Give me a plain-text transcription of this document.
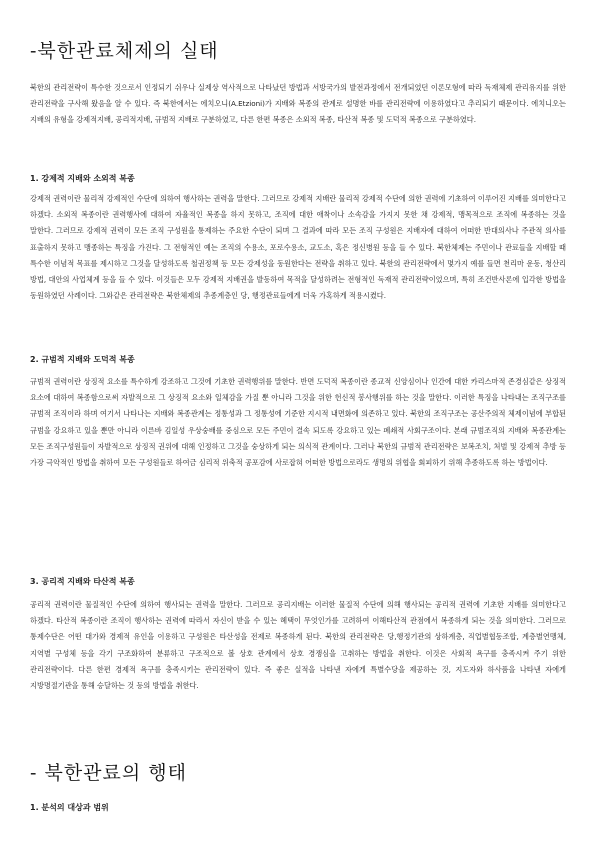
-북한관료체제의 실태

북한의 관리전략이 특수한 것으로서 인정되기 쉬우나 실제상 역사적으로 나타났던 방법과 서방국가의 발전과정에서 전개되었던 이론모형에 따라 독재체제 관리유지를 위한 관리전략을 구사해 왔음을 알 수 있다. 즉 북한에서는 에치오니(A.Etzioni)가 지배와 복종의 관계로 설명한 바를 관리전략에 이용하였다고 추리되기 때문이다. 에치니오는 지배의 유형을 강제적지배, 공리적지배, 규범적 지배로 구분하였고, 다른 한편 복종은 소외적 복종, 타산적 복종 및 도덕적 복종으로 구분하였다.

1. 강제적 지배와 소외적 복종

강제적 권력이란 물리적 강제적인 수단에 의하여 행사하는 권력을 말한다. 그러므로 강제적 지배란 물리적 강제적 수단에 의한 권력에 기초하여 이루어진 지배를 의미한다고 하겠다. 소외적 복종이란 권력행사에 대하여 자율적인 복종을 하지 못하고, 조직에 대한 애착이나 소속감을 가지지 못한 채 강제적, 맹목적으로 조직에 복종하는 것을 말한다. 그러므로 강제적 권력이 모든 조직 구성원을 통제하는 주요한 수단이 되며 그 결과에 따라 모든 조직 구성원은 지배자에 대하여 어떠한 반대의사나 주관적 의사를 표출하지 못하고 맹종하는 특징을 가진다. 그 전형적인 예는 조직의 수용소, 포로수용소, 교도소, 혹은 정신병원 등을 들 수 있다. 북한체제는 주민이나 관료들을 지배할 때 특수한 이념적 목표를 제시하고 그것을 달성하도록 철권정책 등 모든 강제성을 동원한다는 전략을 취하고 있다. 북한의 관리전략에서 몇가지 예를 들면 천리마 운동, 청산리 방법, 대안의 사업체계 등을 들 수 있다. 이것들은 모두 강제적 지배권을 발동하여 목적을 달성하려는 전형적인 독재적 관리전략이었으며, 특히 조건반사론에 입각한 방법을 동원하였던 사례이다. 그와같은 관리전략은 북한체제의 추종계층인 당, 행정관료들에게 더욱 가혹하게 적용시켰다.

2. 규범적 지배와 도덕적 복종

규범적 권력이란 상징적 요소를 특수하게 강조하고 그것에 기초한 권력행위를 말한다. 반면 도덕적 복종이란 종교적 신앙심이나 인간에 대한 카리스마적 존경심같은 상징적 요소에 대하여 복종함으로써 자발적으로 그 상징적 요소와 일체감을 가질 뿐 아니라 그것을 위한 헌신적 봉사행위를 하는 것을 말한다. 이러한 특징을 나타내는 조직구조를 규범적 조직이라 하며 여기서 나타나는 지배와 복종관계는 정통성과 그 정통성에 기준한 지시적 내면화에 의존하고 있다. 북한의 조직구조는 공산주의적 체제이념에 부합된 규범을 강요하고 있을 뿐만 아니라 이른바 김일성 우상숭배를 중심으로 모든 주민이 결속 되도록 강요하고 있는 폐쇄적 사회구조이다. 본래 규범조직의 지배와 복종관계는 모든 조직구성원들이 자발적으로 상징적 권위에 대해 인정하고 그것을 숭상하게 되는 의식적 관계이다. 그러나 북한의 규범적 관리전략은 보복조치, 처벌 및 강제적 추방 등 가장 극악적인 방법을 취하여 모든 구성원들로 하여금 심리적 위축적 공포감에 사로잡혀 어떠한 방법으로라도 생명의 위협을 회피하기 위해 추종하도록 하는 방법이다.

3. 공리적 지배와 타산적 복종

공리적 권력이란 물질적인 수단에 의하여 행사되는 권력을 말한다. 그러므로 공리지배는 이러한 물질적 수단에 의해 행사되는 공리적 권력에 기초한 지배를 의미한다고 하겠다. 타산적 복종이란 조직이 행사하는 권력에 따라서 자신이 받을 수 있는 혜택이 무엇인가를 고려하여 이해타산적 관점에서 복종하게 되는 것을 의미한다. 그러므로 통제수단은 어떤 대가와 경제적 유인을 이용하고 구성원은 타산성을 전제로 복종하게 된다. 북한의 관리전략은 당,행정기관의 상하계층, 직업별협동조합, 계층별연맹체, 지역별 구성체 등을 각기 구조화하여 분류하고 구조적으로 볼 상호 관계에서 상호 경쟁심을 고취하는 방법을 취한다. 이것은 사회적 욕구를 충족시켜 주기 위한 관리전략이다. 다른 한편 경제적 욕구를 충족시키는 관리전략이 있다. 즉 좋은 실적을 나타낸 자에게 특별수당을 제공하는 것, 지도자와 하사품을 나타낸 자에게 지방명절기관을 통해 승달하는 것 등의 방법을 취한다.

- 북한관료의 행태
1. 분석의 대상과 범위
